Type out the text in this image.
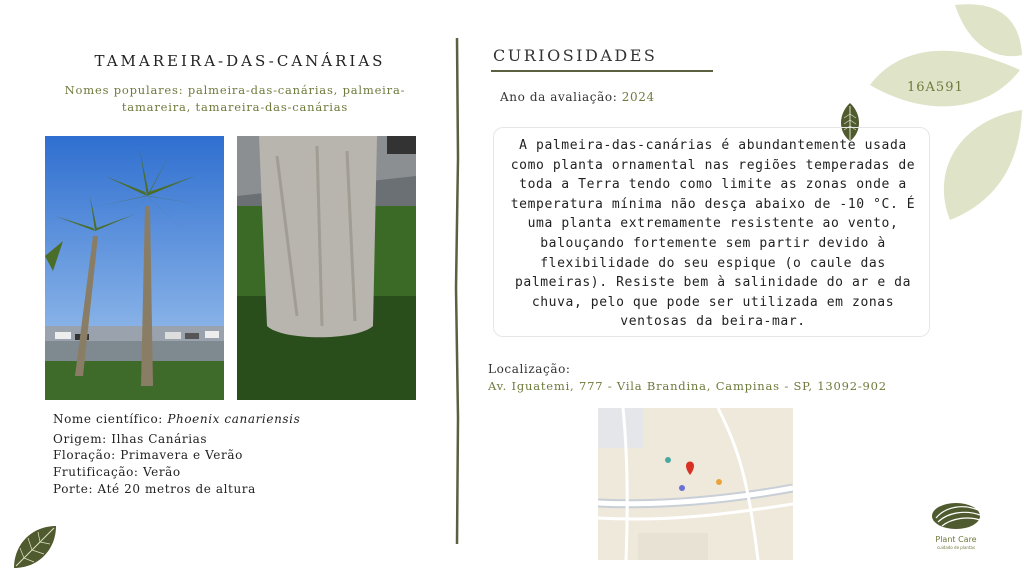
TAMAREIRA-DAS-CANÁRIAS
Nomes populares: palmeira-das-canárias, palmeira-tamareira, tamareira-das-canárias
Nome científico: Phoenix canariensis
Origem: Ilhas Canárias
Floração: Primavera e Verão
Frutificação: Verão
Porte: Até 20 metros de altura
CURIOSIDADES
Ano da avaliação: 2024
A palmeira-das-canárias é abundantemente usada como planta ornamental nas regiões temperadas de toda a Terra tendo como limite as zonas onde a temperatura mínima não desça abaixo de -10 °C. É uma planta extremamente resistente ao vento, balouçando fortemente sem partir devido à flexibilidade do seu espique (o caule das palmeiras). Resiste bem à salinidade do ar e da chuva, pelo que pode ser utilizada em zonas ventosas da beira-mar.
Localização:
Av. Iguatemi, 777 - Vila Brandina, Campinas - SP, 13092-902
16A591
Plant Care
cuidado de plantas
